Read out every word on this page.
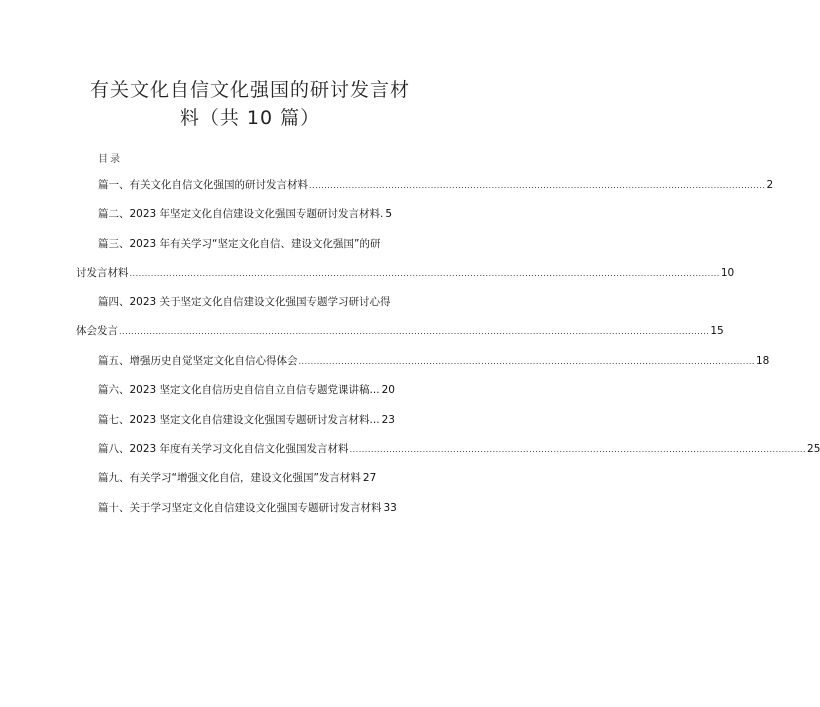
有关文化自信文化强国的研讨发言材
料（共 10 篇）
目录
篇一、有关文化自信文化强国的研讨发言材料 ...................................................................................................................................................... 2
篇二、2023 年坚定文化自信建设文化强国专题研讨发言材料. 5
篇三、2023 年有关学习“坚定文化自信、建设文化强国”的研
讨发言材料 .................................................................................................................................................................................................. 10
篇四、2023 关于坚定文化自信建设文化强国专题学习研讨心得
体会发言 .................................................................................................................................................................................................. 15
篇五、增强历史自觉坚定文化自信心得体会 ...................................................................................................................................................... 18
篇六、2023 坚定文化自信历史自信自立自信专题党课讲稿... 20
篇七、2023 坚定文化自信建设文化强国专题研讨发言材料... 23
篇八、2023 年度有关学习文化自信文化强国发言材料 ...................................................................................................................................................... 25
篇九、有关学习“增强文化自信，建设文化强国”发言材料 27
篇十、关于学习坚定文化自信建设文化强国专题研讨发言材料 33
